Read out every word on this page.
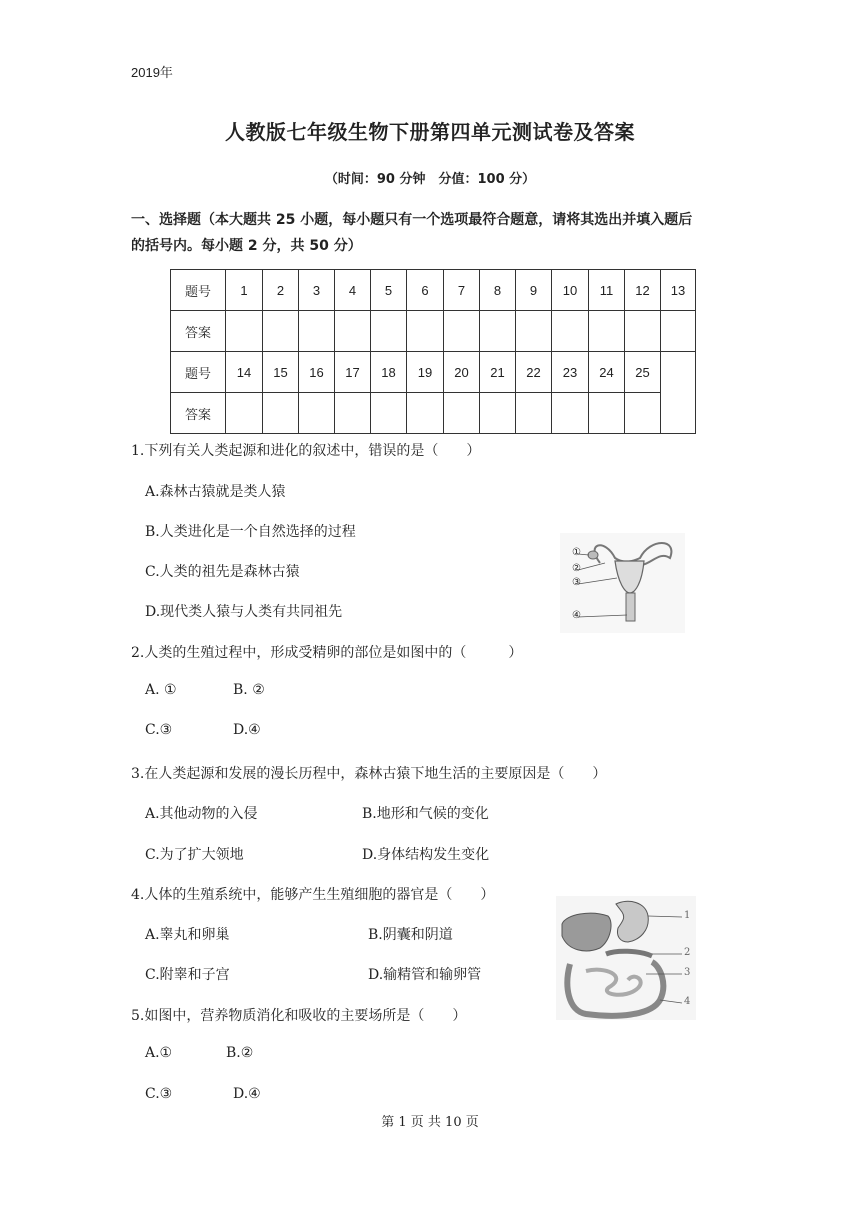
2019年
人教版七年级生物下册第四单元测试卷及答案
（时间：90 分钟　分值：100 分）
一、选择题（本大题共 25 小题，每小题只有一个选项最符合题意，请将其选出并填入题后
的括号内。每小题 2 分，共 50 分）
题号	1	2	3	4	5	6	7	8	9	10	11	12	13
答案													
题号	14	15	16	17	18	19	20	21	22	23	24	25	
答案													
1.下列有关人类起源和进化的叙述中，错误的是（　　）
A.森林古猿就是类人猿
B.人类进化是一个自然选择的过程
C.人类的祖先是森林古猿
D.现代类人猿与人类有共同祖先
①
②
③
④
2.人类的生殖过程中，形成受精卵的部位是如图中的（　　　）
A. ①	B. ②
C.③	D.④
3.在人类起源和发展的漫长历程中，森林古猿下地生活的主要原因是（　　）
A.其他动物的入侵	B.地形和气候的变化
C.为了扩大领地	D.身体结构发生变化
4.人体的生殖系统中，能够产生生殖细胞的器官是（　　）
A.睾丸和卵巢	B.阴囊和阴道
C.附睾和子宫	D.输精管和输卵管
1
2
3
4
5.如图中，营养物质消化和吸收的主要场所是（　　）
A.①	B.②
C.③	D.④
第 1 页 共 10 页
